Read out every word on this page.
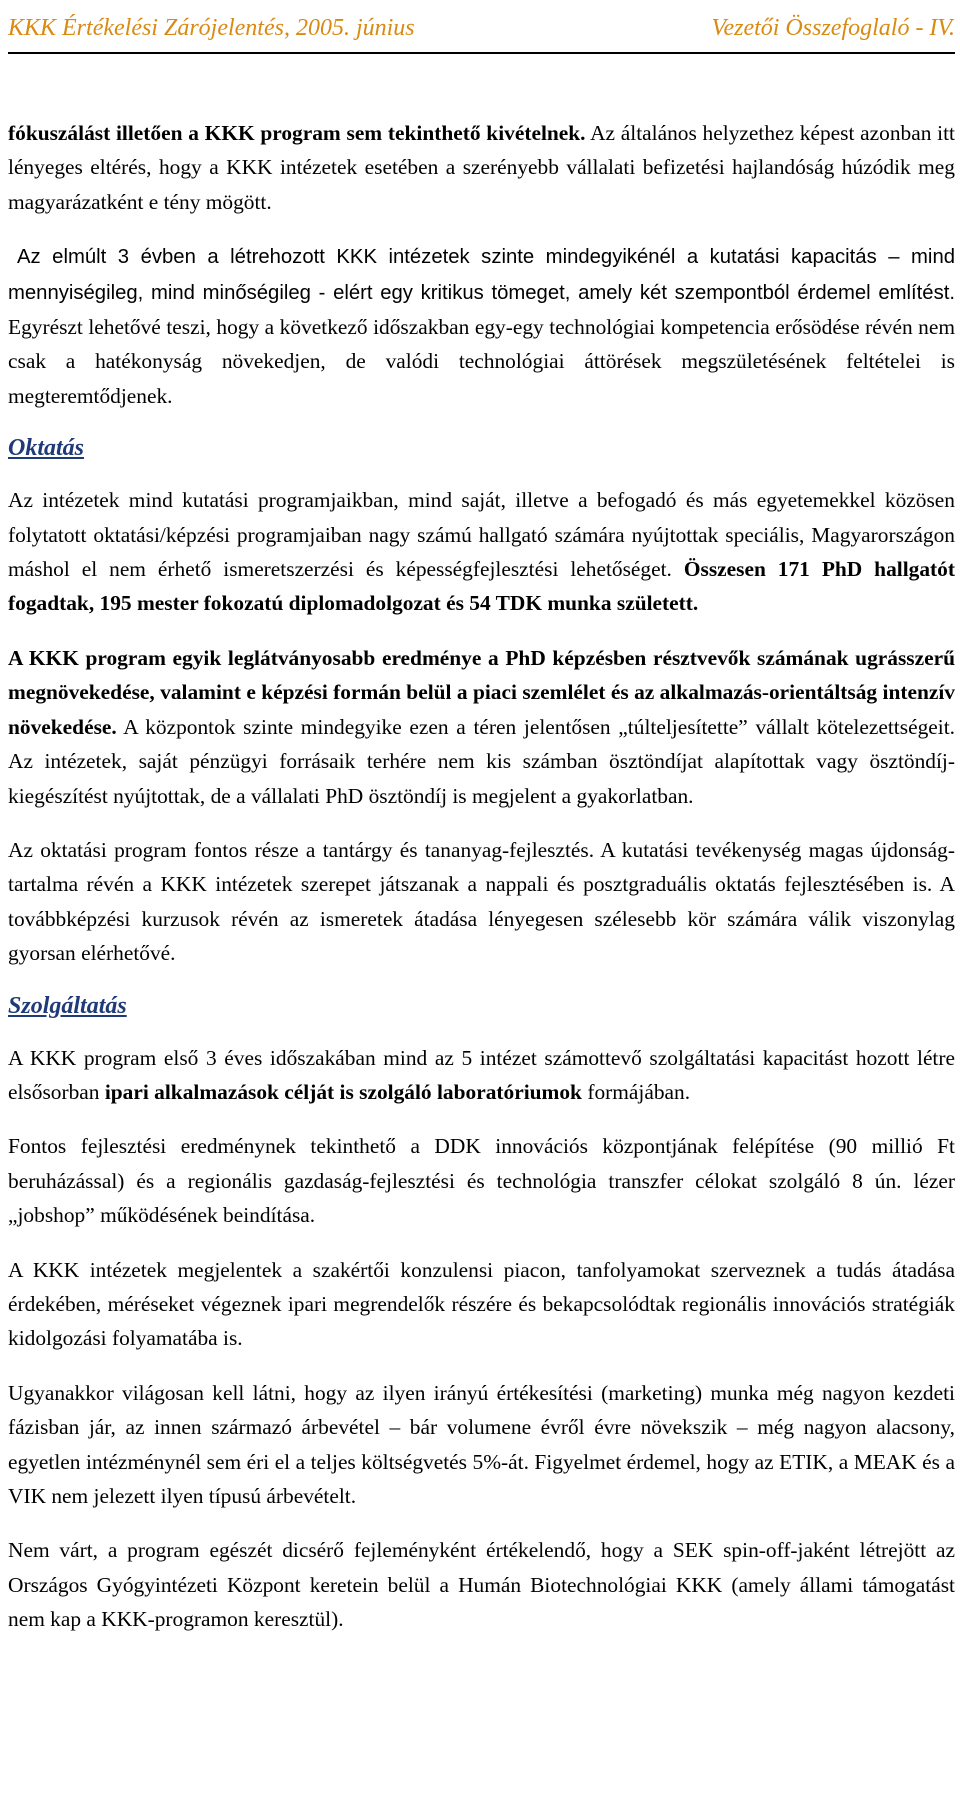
KKK Értékelési Zárójelentés, 2005. június	Vezetői Összefoglaló - IV.

fókuszálást illetően a KKK program sem tekinthető kivételnek. Az általános helyzethez képest azonban itt lényeges eltérés, hogy a KKK intézetek esetében a szerényebb vállalati befizetési hajlandóság húzódik meg magyarázatként e tény mögött.

Az elmúlt 3 évben a létrehozott KKK intézetek szinte mindegyikénél a kutatási kapacitás – mind mennyiségileg, mind minőségileg - elért egy kritikus tömeget, amely két szempontból érdemel említést. Egyrészt lehetővé teszi, hogy a következő időszakban egy-egy technológiai kompetencia erősödése révén nem csak a hatékonyság növekedjen, de valódi technológiai áttörések megszületésének feltételei is megteremtődjenek.

Oktatás

Az intézetek mind kutatási programjaikban, mind saját, illetve a befogadó és más egyetemekkel közösen folytatott oktatási/képzési programjaiban nagy számú hallgató számára nyújtottak speciális, Magyarországon máshol el nem érhető ismeretszerzési és képességfejlesztési lehetőséget. Összesen 171 PhD hallgatót fogadtak, 195 mester fokozatú diplomadolgozat és 54 TDK munka született.

A KKK program egyik leglátványosabb eredménye a PhD képzésben résztvevők számának ugrásszerű megnövekedése, valamint e képzési formán belül a piaci szemlélet és az alkalmazás-orientáltság intenzív növekedése. A központok szinte mindegyike ezen a téren jelentősen „túlteljesítette” vállalt kötelezettségeit. Az intézetek, saját pénzügyi forrásaik terhére nem kis számban ösztöndíjat alapítottak vagy ösztöndíj- kiegészítést nyújtottak, de a vállalati PhD ösztöndíj is megjelent a gyakorlatban.

Az oktatási program fontos része a tantárgy és tananyag-fejlesztés. A kutatási tevékenység magas újdonság-tartalma révén a KKK intézetek szerepet játszanak a nappali és posztgraduális oktatás fejlesztésében is. A továbbképzési kurzusok révén az ismeretek átadása lényegesen szélesebb kör számára válik viszonylag gyorsan elérhetővé.

Szolgáltatás

A KKK program első 3 éves időszakában mind az 5 intézet számottevő szolgáltatási kapacitást hozott létre elsősorban ipari alkalmazások célját is szolgáló laboratóriumok formájában.

Fontos fejlesztési eredménynek tekinthető a DDK innovációs központjának felépítése (90 millió Ft beruházással) és a regionális gazdaság-fejlesztési és technológia transzfer célokat szolgáló 8 ún. lézer „jobshop” működésének beindítása.

A KKK intézetek megjelentek a szakértői konzulensi piacon, tanfolyamokat szerveznek a tudás átadása érdekében, méréseket végeznek ipari megrendelők részére és bekapcsolódtak regionális innovációs stratégiák kidolgozási folyamatába is.

Ugyanakkor világosan kell látni, hogy az ilyen irányú értékesítési (marketing) munka még nagyon kezdeti fázisban jár, az innen származó árbevétel – bár volumene évről évre növekszik – még nagyon alacsony, egyetlen intézménynél sem éri el a teljes költségvetés 5%-át. Figyelmet érdemel, hogy az ETIK, a MEAK és a VIK nem jelezett ilyen típusú árbevételt.

Nem várt, a program egészét dicsérő fejleményként értékelendő, hogy a SEK spin-off-jaként létrejött az Országos Gyógyintézeti Központ keretein belül a Humán Biotechnológiai KKK (amely állami támogatást nem kap a KKK-programon keresztül).
